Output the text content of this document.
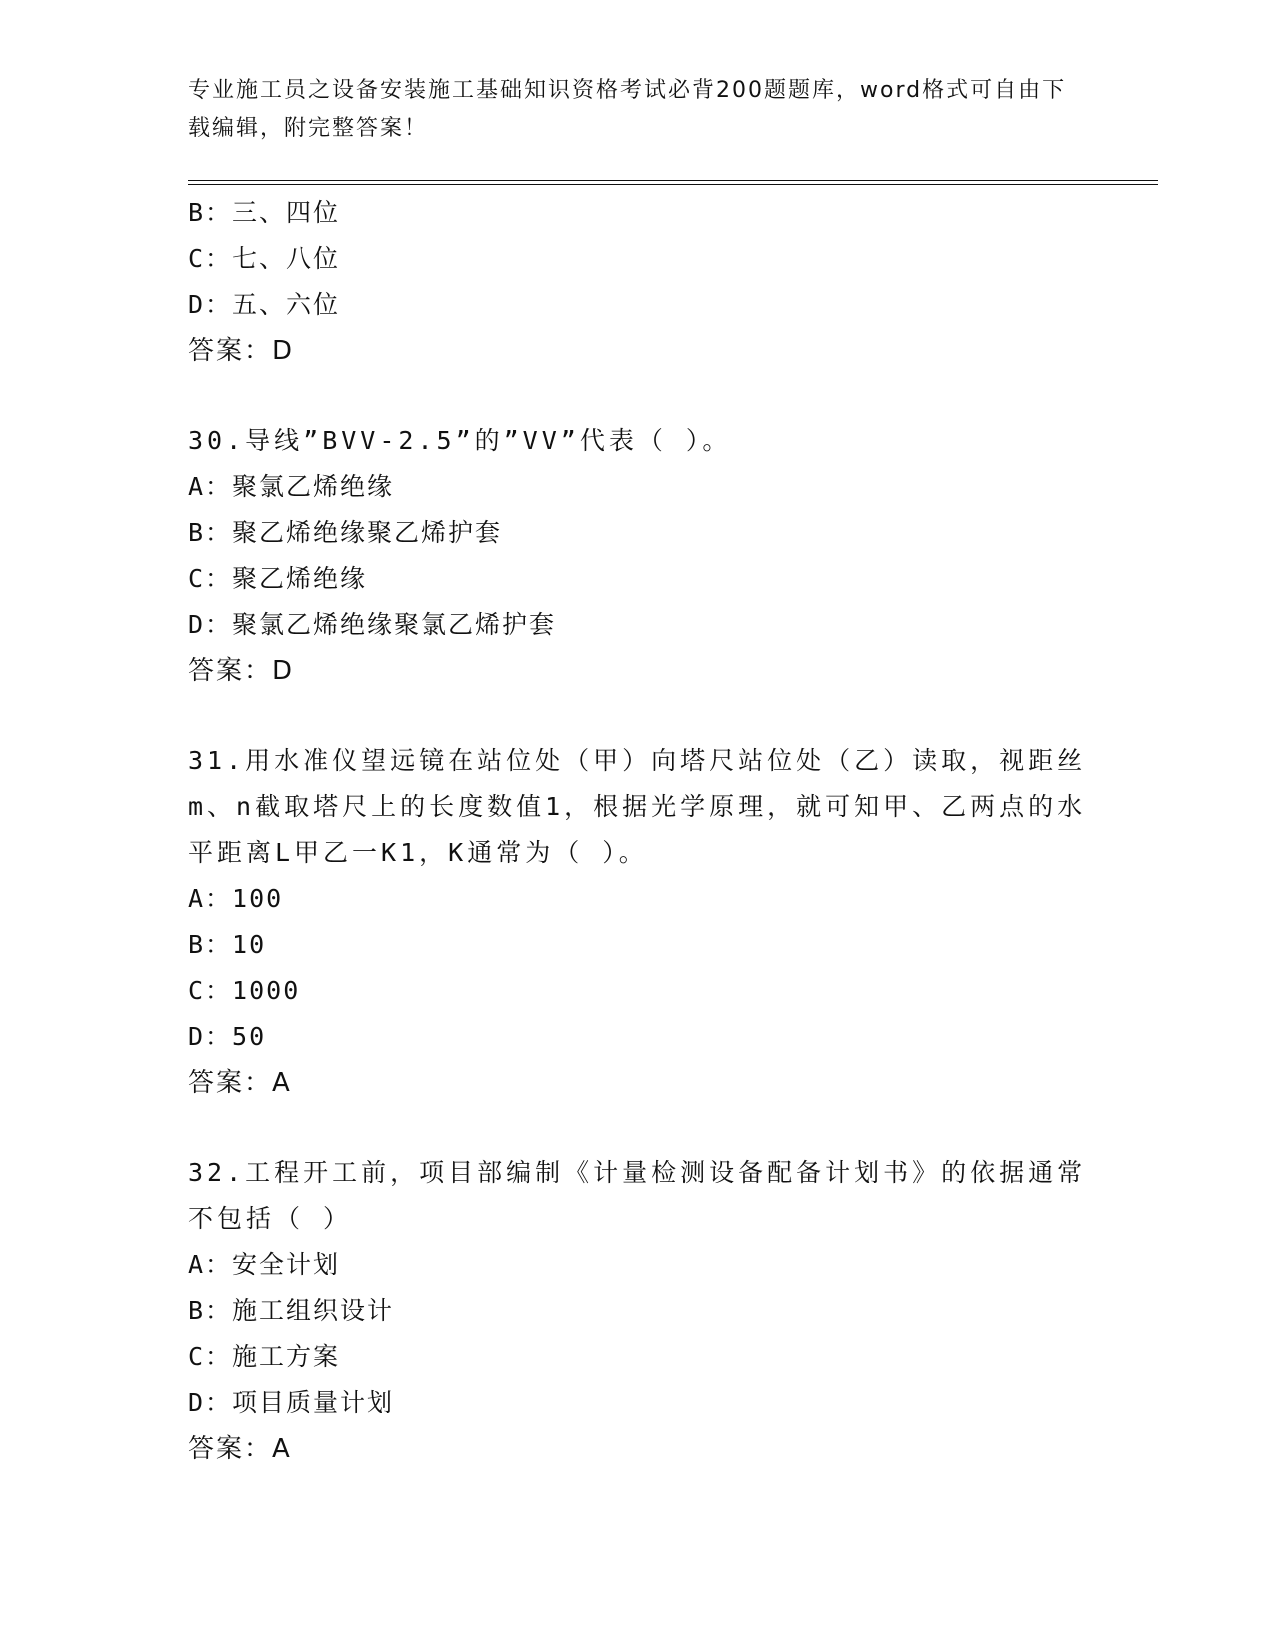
专业施工员之设备安装施工基础知识资格考试必背200题题库，word格式可自由下载编辑，附完整答案！
B：三、四位
C：七、八位
D：五、六位
答案：D
30.导线”BVV-2.5”的”VV”代表（ ）。
A：聚氯乙烯绝缘
B：聚乙烯绝缘聚乙烯护套
C：聚乙烯绝缘
D：聚氯乙烯绝缘聚氯乙烯护套
答案：D
31.用水准仪望远镜在站位处（甲）向塔尺站位处（乙）读取，视距丝m、n截取塔尺上的长度数值1，根据光学原理，就可知甲、乙两点的水平距离L甲乙一K1，K通常为（ ）。
A：100
B：10
C：1000
D：50
答案：A
32.工程开工前，项目部编制《计量检测设备配备计划书》的依据通常不包括（ ）
A：安全计划
B：施工组织设计
C：施工方案
D：项目质量计划
答案：A
